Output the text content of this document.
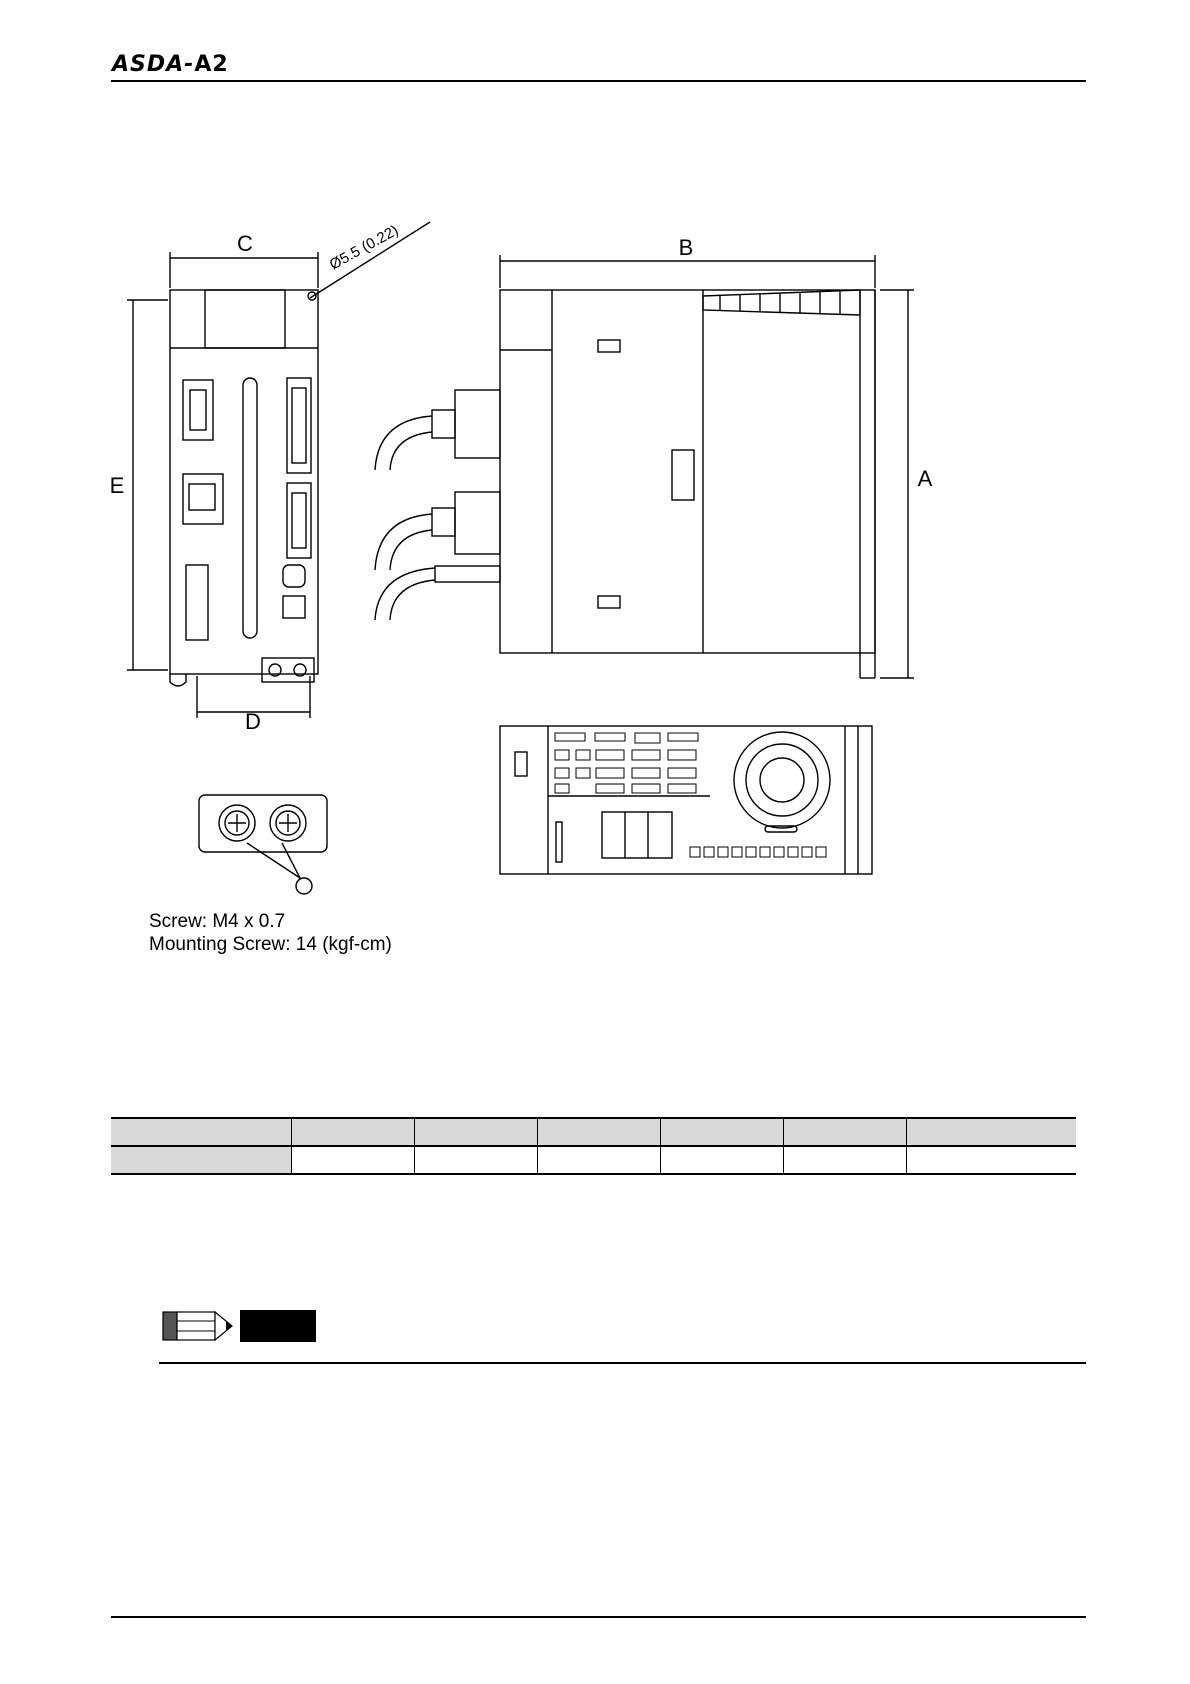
ASDA-A2
C	B
E	A
D
Ø5.5 (0.22)
Screw: M4 x 0.7
Mounting Screw: 14 (kgf-cm)
